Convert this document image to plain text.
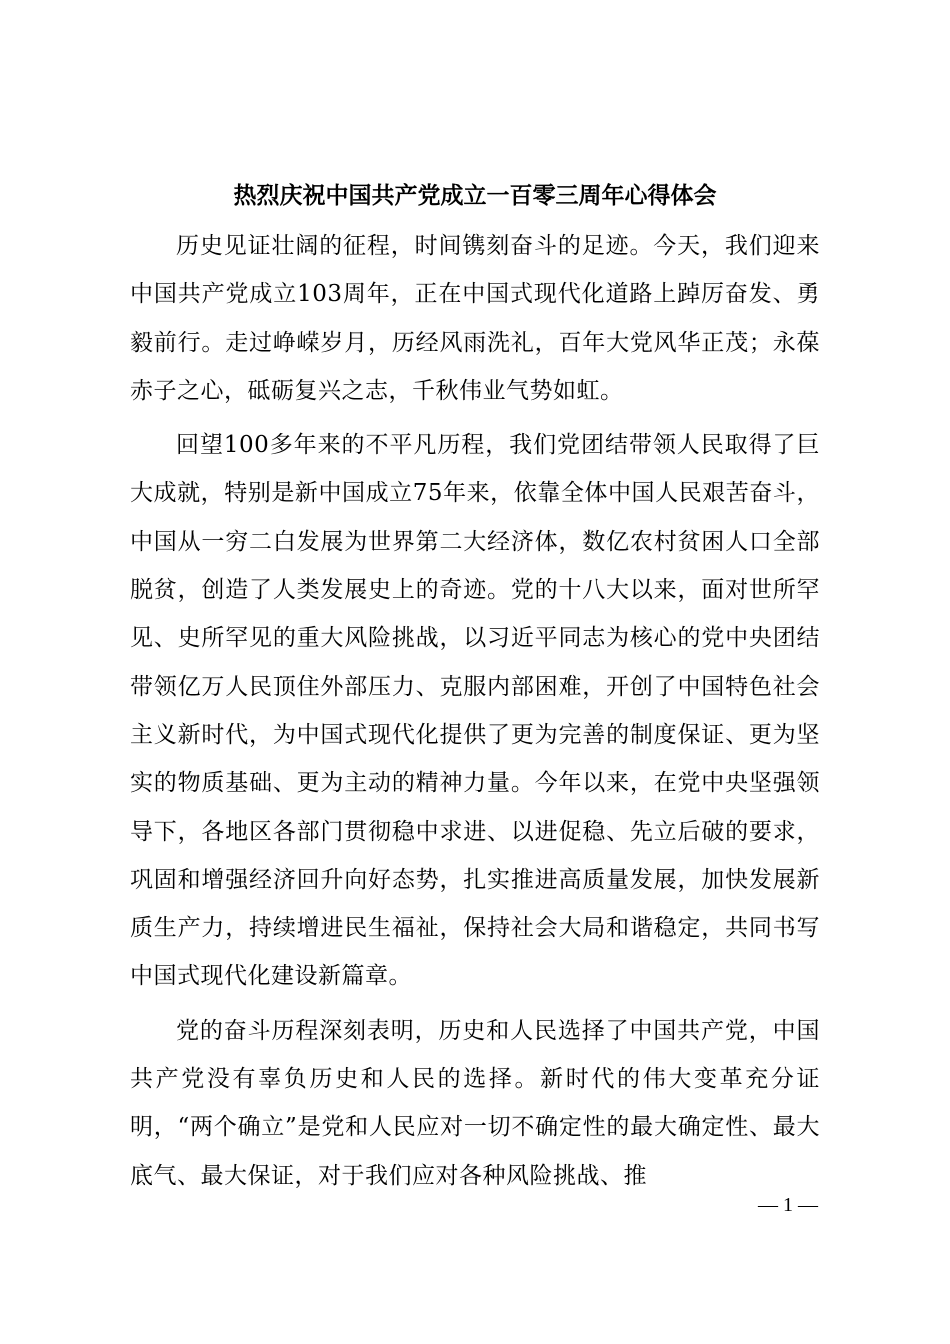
热烈庆祝中国共产党成立一百零三周年心得体会

历史见证壮阔的征程，时间镌刻奋斗的足迹。今天，我们迎来中国共产党成立103周年，正在中国式现代化道路上踔厉奋发、勇毅前行。走过峥嵘岁月，历经风雨洗礼，百年大党风华正茂；永葆赤子之心，砥砺复兴之志，千秋伟业气势如虹。

回望100多年来的不平凡历程，我们党团结带领人民取得了巨大成就，特别是新中国成立75年来，依靠全体中国人民艰苦奋斗，中国从一穷二白发展为世界第二大经济体，数亿农村贫困人口全部脱贫，创造了人类发展史上的奇迹。党的十八大以来，面对世所罕见、史所罕见的重大风险挑战，以习近平同志为核心的党中央团结带领亿万人民顶住外部压力、克服内部困难，开创了中国特色社会主义新时代，为中国式现代化提供了更为完善的制度保证、更为坚实的物质基础、更为主动的精神力量。今年以来，在党中央坚强领导下，各地区各部门贯彻稳中求进、以进促稳、先立后破的要求，巩固和增强经济回升向好态势，扎实推进高质量发展，加快发展新质生产力，持续增进民生福祉，保持社会大局和谐稳定，共同书写中国式现代化建设新篇章。

党的奋斗历程深刻表明，历史和人民选择了中国共产党，中国共产党没有辜负历史和人民的选择。新时代的伟大变革充分证明，“两个确立”是党和人民应对一切不确定性的最大确定性、最大底气、最大保证，对于我们应对各种风险挑战、推

— 1 —
